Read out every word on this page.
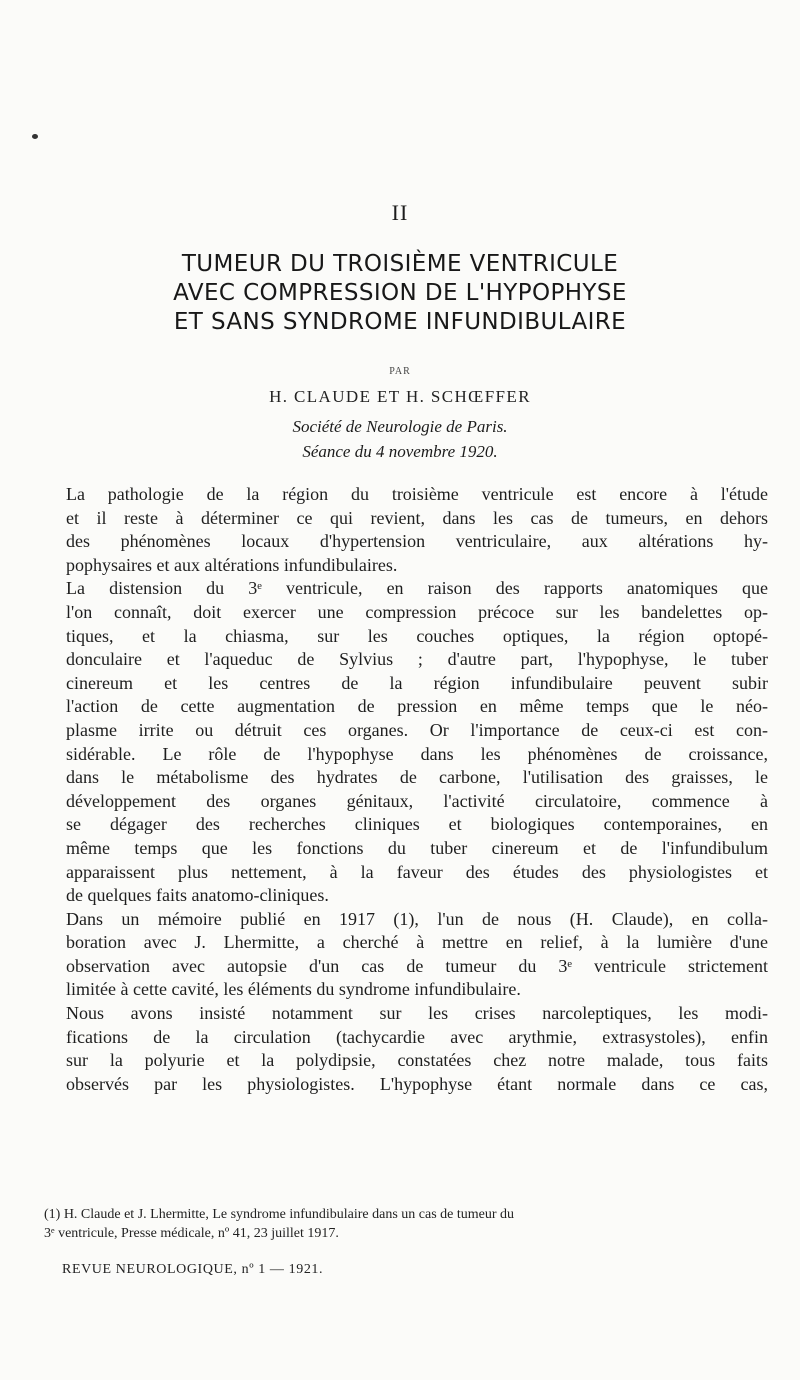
II
TUMEUR DU TROISIÈME VENTRICULE
AVEC COMPRESSION DE L'HYPOPHYSE
ET SANS SYNDROME INFUNDIBULAIRE
PAR
H. CLAUDE ET H. SCHŒFFER
Société de Neurologie de Paris.
Séance du 4 novembre 1920.

La pathologie de la région du troisième ventricule est encore à l'étude
et il reste à déterminer ce qui revient, dans les cas de tumeurs, en dehors
des phénomènes locaux d'hypertension ventriculaire, aux altérations hy-
pophysaires et aux altérations infundibulaires.

La distension du 3ᵉ ventricule, en raison des rapports anatomiques que
l'on connaît, doit exercer une compression précoce sur les bandelettes op-
tiques, et la chiasma, sur les couches optiques, la région optopé-
donculaire et l'aqueduc de Sylvius ; d'autre part, l'hypophyse, le tuber
cinereum et les centres de la région infundibulaire peuvent subir
l'action de cette augmentation de pression en même temps que le néo-
plasme irrite ou détruit ces organes. Or l'importance de ceux-ci est con-
sidérable. Le rôle de l'hypophyse dans les phénomènes de croissance,
dans le métabolisme des hydrates de carbone, l'utilisation des graisses, le
développement des organes génitaux, l'activité circulatoire, commence à
se dégager des recherches cliniques et biologiques contemporaines, en
même temps que les fonctions du tuber cinereum et de l'infundibulum
apparaissent plus nettement, à la faveur des études des physiologistes et
de quelques faits anatomo-cliniques.

Dans un mémoire publié en 1917 (1), l'un de nous (H. Claude), en colla-
boration avec J. Lhermitte, a cherché à mettre en relief, à la lumière d'une
observation avec autopsie d'un cas de tumeur du 3ᵉ ventricule strictement
limitée à cette cavité, les éléments du syndrome infundibulaire.

Nous avons insisté notamment sur les crises narcoleptiques, les modi-
fications de la circulation (tachycardie avec arythmie, extrasystoles), enfin
sur la polyurie et la polydipsie, constatées chez notre malade, tous faits
observés par les physiologistes. L'hypophyse étant normale dans ce cas,

(1) H. Claude et J. Lhermitte, Le syndrome infundibulaire dans un cas de tumeur du
3ᵉ ventricule, Presse médicale, nº 41, 23 juillet 1917.
REVUE NEUROLOGIQUE, nº 1 — 1921.
